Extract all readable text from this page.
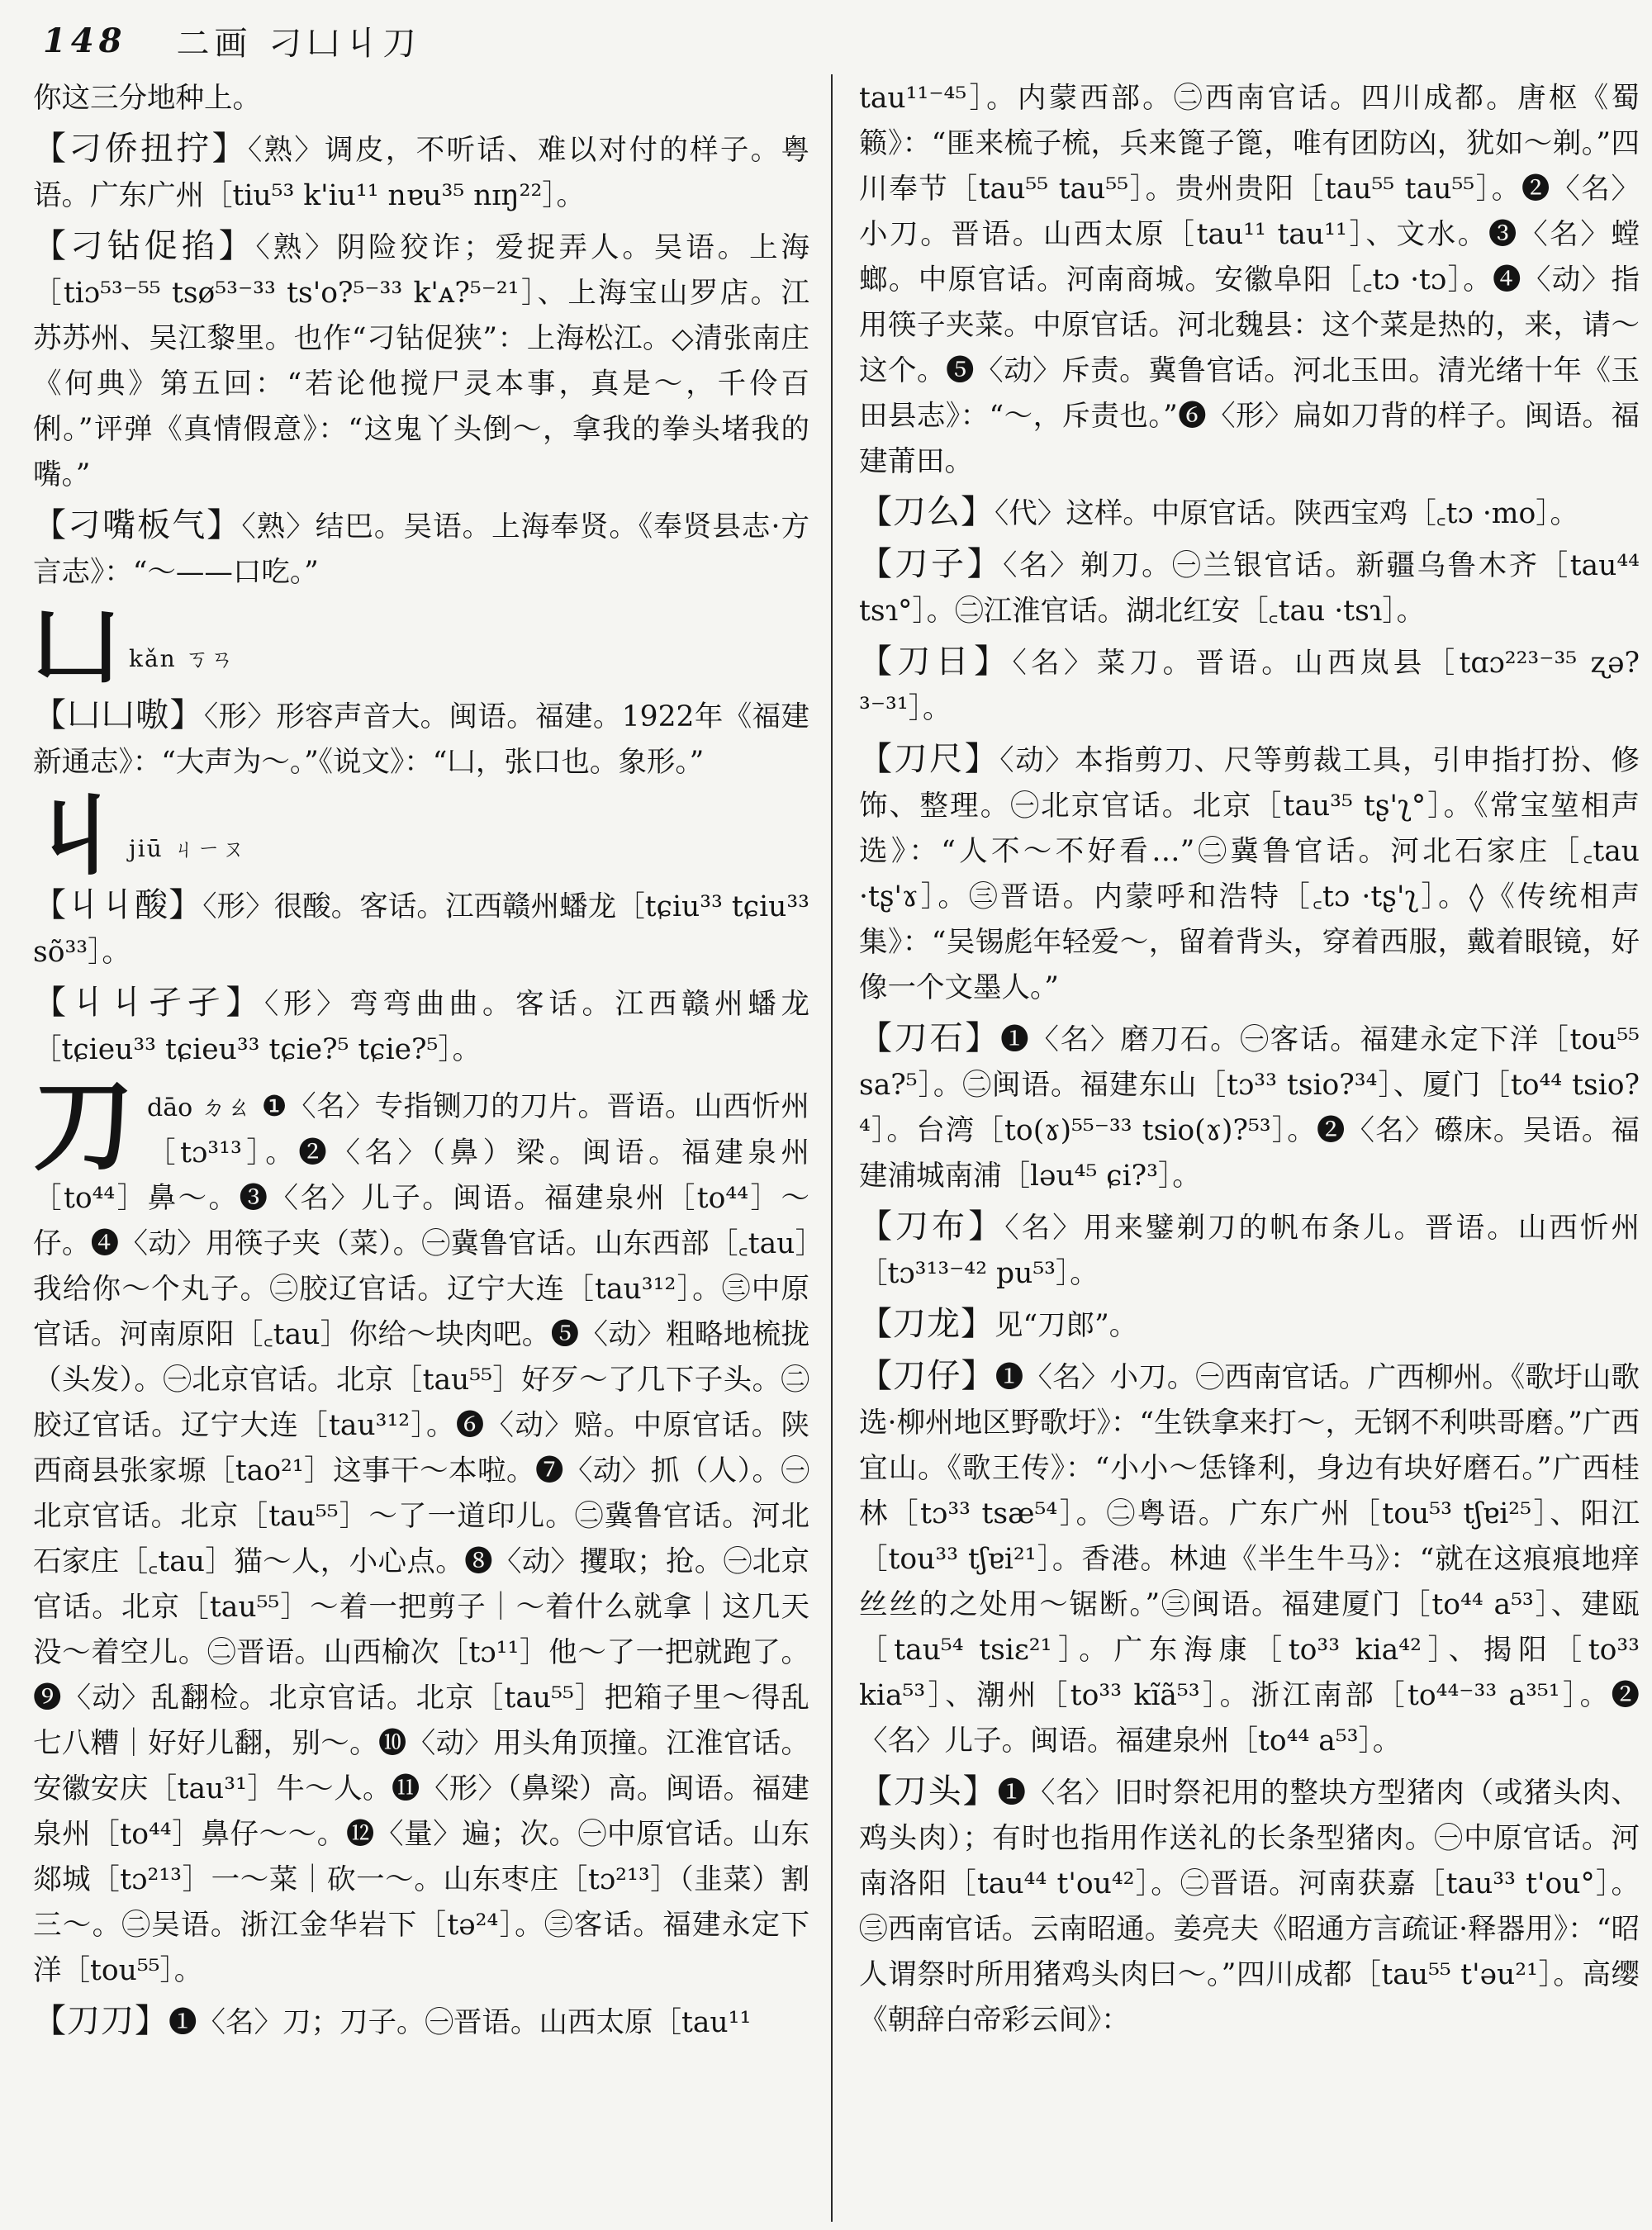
148 二画 刁凵丩刀

你这三分地种上。

【刁侨扭拧】〈熟〉调皮，不听话、难以对付的样子。粤语。广东广州［tiu⁵³ k'iu¹¹ nɐu³⁵ nɪŋ²²］。

【刁钻促掐】〈熟〉阴险狡诈；爱捉弄人。吴语。上海［tiɔ⁵³⁻⁵⁵ tsø⁵³⁻³³ ts'o?⁵⁻³³ k'ᴀ?⁵⁻²¹］、上海宝山罗店。江苏苏州、吴江黎里。也作“刁钻促狭”：上海松江。◇清张南庄《何典》第五回：“若论他搅尸灵本事，真是～，千伶百俐。”评弹《真情假意》：“这鬼丫头倒～，拿我的拳头堵我的嘴。”

【刁嘴板气】〈熟〉结巴。吴语。上海奉贤。《奉贤县志·方言志》：“～——口吃。”

凵 kǎn ㄎㄢ

【凵凵嗷】〈形〉形容声音大。闽语。福建。1922年《福建新通志》：“大声为～。”《说文》：“凵，张口也。象形。”

丩 jiū ㄐㄧㄡ

【丩丩酸】〈形〉很酸。客话。江西赣州蟠龙［tɕiu³³ tɕiu³³ sõ³³］。

【丩丩孑孑】〈形〉弯弯曲曲。客话。江西赣州蟠龙［tɕieu³³ tɕieu³³ tɕie?⁵ tɕie?⁵］。

刀dāo ㄉㄠ ❶〈名〉专指铡刀的刀片。晋语。山西忻州［tɔ³¹³］。❷〈名〉（鼻）梁。闽语。福建泉州［to⁴⁴］鼻～。❸〈名〉儿子。闽语。福建泉州［to⁴⁴］～仔。❹〈动〉用筷子夹（菜）。㊀冀鲁官话。山东西部［꜀tau］我给你～个丸子。㊁胶辽官话。辽宁大连［tau³¹²］。㊂中原官话。河南原阳［꜀tau］你给～块肉吧。❺〈动〉粗略地梳拢（头发）。㊀北京官话。北京［tau⁵⁵］好歹～了几下子头。㊁胶辽官话。辽宁大连［tau³¹²］。❻〈动〉赔。中原官话。陕西商县张家塬［tao²¹］这事干～本啦。❼〈动〉抓（人）。㊀北京官话。北京［tau⁵⁵］～了一道印儿。㊁冀鲁官话。河北石家庄［꜀tau］猫～人，小心点。❽〈动〉攫取；抢。㊀北京官话。北京［tau⁵⁵］～着一把剪子｜～着什么就拿｜这几天没～着空儿。㊁晋语。山西榆次［tɔ¹¹］他～了一把就跑了。❾〈动〉乱翻检。北京官话。北京［tau⁵⁵］把箱子里～得乱七八糟｜好好儿翻，别～。❿〈动〉用头角顶撞。江淮官话。安徽安庆［tau³¹］牛～人。⓫〈形〉（鼻梁）高。闽语。福建泉州［to⁴⁴］鼻仔～～。⓬〈量〉遍；次。㊀中原官话。山东郯城［tɔ²¹³］一～菜｜砍一～。山东枣庄［tɔ²¹³］（韭菜）割三～。㊁吴语。浙江金华岩下［tə²⁴］。㊂客话。福建永定下洋［tou⁵⁵］。

【刀刀】❶〈名〉刀；刀子。㊀晋语。山西太原［tau¹¹

tau¹¹⁻⁴⁵］。内蒙西部。㊁西南官话。四川成都。唐枢《蜀籁》：“匪来梳子梳，兵来篦子篦，唯有团防凶，犹如～剃。”四川奉节［tau⁵⁵ tau⁵⁵］。贵州贵阳［tau⁵⁵ tau⁵⁵］。❷〈名〉小刀。晋语。山西太原［tau¹¹ tau¹¹］、文水。❸〈名〉螳螂。中原官话。河南商城。安徽阜阳［꜀tɔ ·tɔ］。❹〈动〉指用筷子夹菜。中原官话。河北魏县：这个菜是热的，来，请～这个。❺〈动〉斥责。冀鲁官话。河北玉田。清光绪十年《玉田县志》：“～，斥责也。”❻〈形〉扁如刀背的样子。闽语。福建莆田。

【刀么】〈代〉这样。中原官话。陕西宝鸡［꜀tɔ ·mo］。

【刀子】〈名〉剃刀。㊀兰银官话。新疆乌鲁木齐［tau⁴⁴ tsɿ°］。㊁江淮官话。湖北红安［꜀tau ·tsɿ］。

【刀日】〈名〉菜刀。晋语。山西岚县［tɑɔ²²³⁻³⁵ ʐə?³⁻³¹］。

【刀尺】〈动〉本指剪刀、尺等剪裁工具，引申指打扮、修饰、整理。㊀北京官话。北京［tau³⁵ tʂ'ʅ°］。《常宝堃相声选》：“人不～不好看…”㊁冀鲁官话。河北石家庄［꜀tau ·tʂ'ɤ］。㊂晋语。内蒙呼和浩特［꜀tɔ ·tʂ'ʅ］。◊《传统相声集》：“吴锡彪年轻爱～，留着背头，穿着西服，戴着眼镜，好像一个文墨人。”

【刀石】❶〈名〉磨刀石。㊀客话。福建永定下洋［tou⁵⁵ sa?⁵］。㊁闽语。福建东山［tɔ³³ tsio?³⁴］、厦门［to⁴⁴ tsio?⁴］。台湾［to(ɤ)⁵⁵⁻³³ tsio(ɤ)?⁵³］。❷〈名〉礤床。吴语。福建浦城南浦［ləu⁴⁵ ɕi?³］。

【刀布】〈名〉用来鐾剃刀的帆布条儿。晋语。山西忻州［tɔ³¹³⁻⁴² pu⁵³］。

【刀龙】见“刀郎”。

【刀仔】❶〈名〉小刀。㊀西南官话。广西柳州。《歌圩山歌选·柳州地区野歌圩》：“生铁拿来打～，无钢不利哄哥磨。”广西宜山。《歌王传》：“小小～恁锋利，身边有块好磨石。”广西桂林［tɔ³³ tsæ⁵⁴］。㊁粤语。广东广州［tou⁵³ tʃɐi²⁵］、阳江［tou³³ tʃɐi²¹］。香港。林迪《半生牛马》：“就在这痕痕地痒丝丝的之处用～锯断。”㊂闽语。福建厦门［to⁴⁴ a⁵³］、建瓯［tau⁵⁴ tsiɛ²¹］。广东海康［to³³ kia⁴²］、揭阳［to³³ kia⁵³］、潮州［to³³ kĩã⁵³］。浙江南部［to⁴⁴⁻³³ a³⁵¹］。❷〈名〉儿子。闽语。福建泉州［to⁴⁴ a⁵³］。

【刀头】❶〈名〉旧时祭祀用的整块方型猪肉（或猪头肉、鸡头肉）；有时也指用作送礼的长条型猪肉。㊀中原官话。河南洛阳［tau⁴⁴ t'ou⁴²］。㊁晋语。河南获嘉［tau³³ t'ou°］。㊂西南官话。云南昭通。姜亮夫《昭通方言疏证·释器用》：“昭人谓祭时所用猪鸡头肉曰～。”四川成都［tau⁵⁵ t'əu²¹］。高缨《朝辞白帝彩云间》：
